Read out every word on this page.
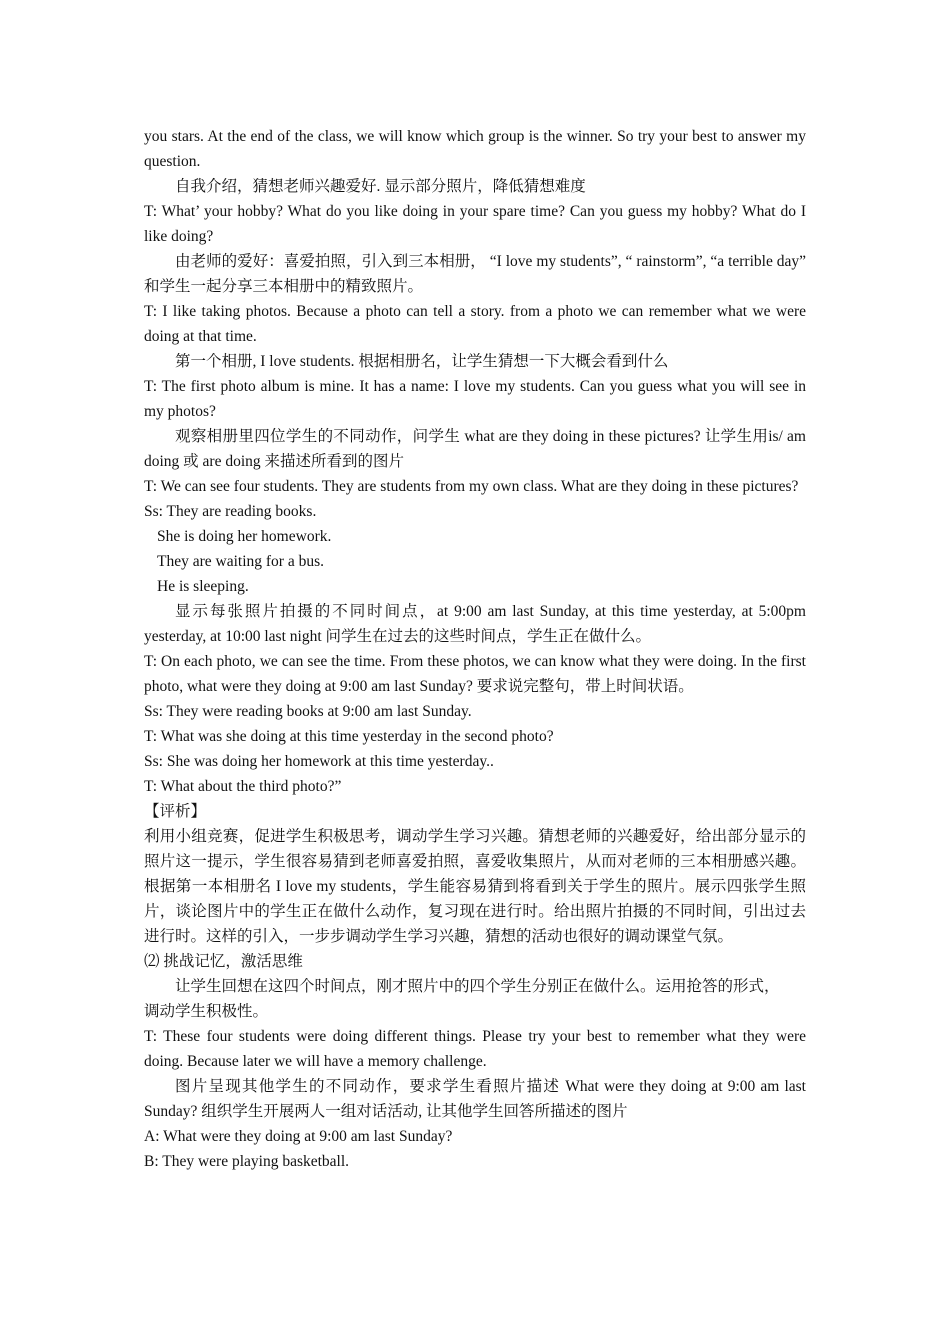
you stars. At the end of the class, we will know which group is the winner. So try your best to answer my question.

自我介绍，猜想老师兴趣爱好. 显示部分照片，降低猜想难度

T: What’ your hobby? What do you like doing in your spare time? Can you guess my hobby? What do I like doing?

由老师的爱好：喜爱拍照，引入到三本相册， “I love my students”, “ rainstorm”, “a terrible day” 和学生一起分享三本相册中的精致照片。

T: I like taking photos. Because a photo can tell a story. from a photo we can remember what we were doing at that time.

第一个相册, I love students. 根据相册名，让学生猜想一下大概会看到什么

T: The first photo album is mine. It has a name: I love my students. Can you guess what you will see in my photos?

观察相册里四位学生的不同动作，问学生 what are they doing in these pictures? 让学生用is/ am doing 或 are doing 来描述所看到的图片

T: We can see four students. They are students from my own class. What are they doing in these pictures?

Ss: They are reading books.

She is doing her homework.

They are waiting for a bus.

He is sleeping.

显示每张照片拍摄的不同时间点，at 9:00 am last Sunday, at this time yesterday, at 5:00pm yesterday, at 10:00 last night 问学生在过去的这些时间点，学生正在做什么。

T: On each photo, we can see the time. From these photos, we can know what they were doing. In the first photo, what were they doing at 9:00 am last Sunday? 要求说完整句，带上时间状语。

Ss: They were reading books at 9:00 am last Sunday.

T: What was she doing at this time yesterday in the second photo?

Ss: She was doing her homework at this time yesterday..

T: What about the third photo?”

【评析】

利用小组竞赛，促进学生积极思考，调动学生学习兴趣。猜想老师的兴趣爱好，给出部分显示的照片这一提示，学生很容易猜到老师喜爱拍照，喜爱收集照片，从而对老师的三本相册感兴趣。根据第一本相册名 I love my students，学生能容易猜到将看到关于学生的照片。展示四张学生照片，谈论图片中的学生正在做什么动作，复习现在进行时。给出照片拍摄的不同时间，引出过去进行时。这样的引入，一步步调动学生学习兴趣，猜想的活动也很好的调动课堂气氛。

⑵ 挑战记忆，激活思维

让学生回想在这四个时间点，刚才照片中的四个学生分别正在做什么。运用抢答的形式，

调动学生积极性。

T: These four students were doing different things. Please try your best to remember what they were doing. Because later we will have a memory challenge.

图片呈现其他学生的不同动作，要求学生看照片描述 What were they doing at 9:00 am last Sunday? 组织学生开展两人一组对话活动, 让其他学生回答所描述的图片

A: What were they doing at 9:00 am last Sunday?

B: They were playing basketball.
